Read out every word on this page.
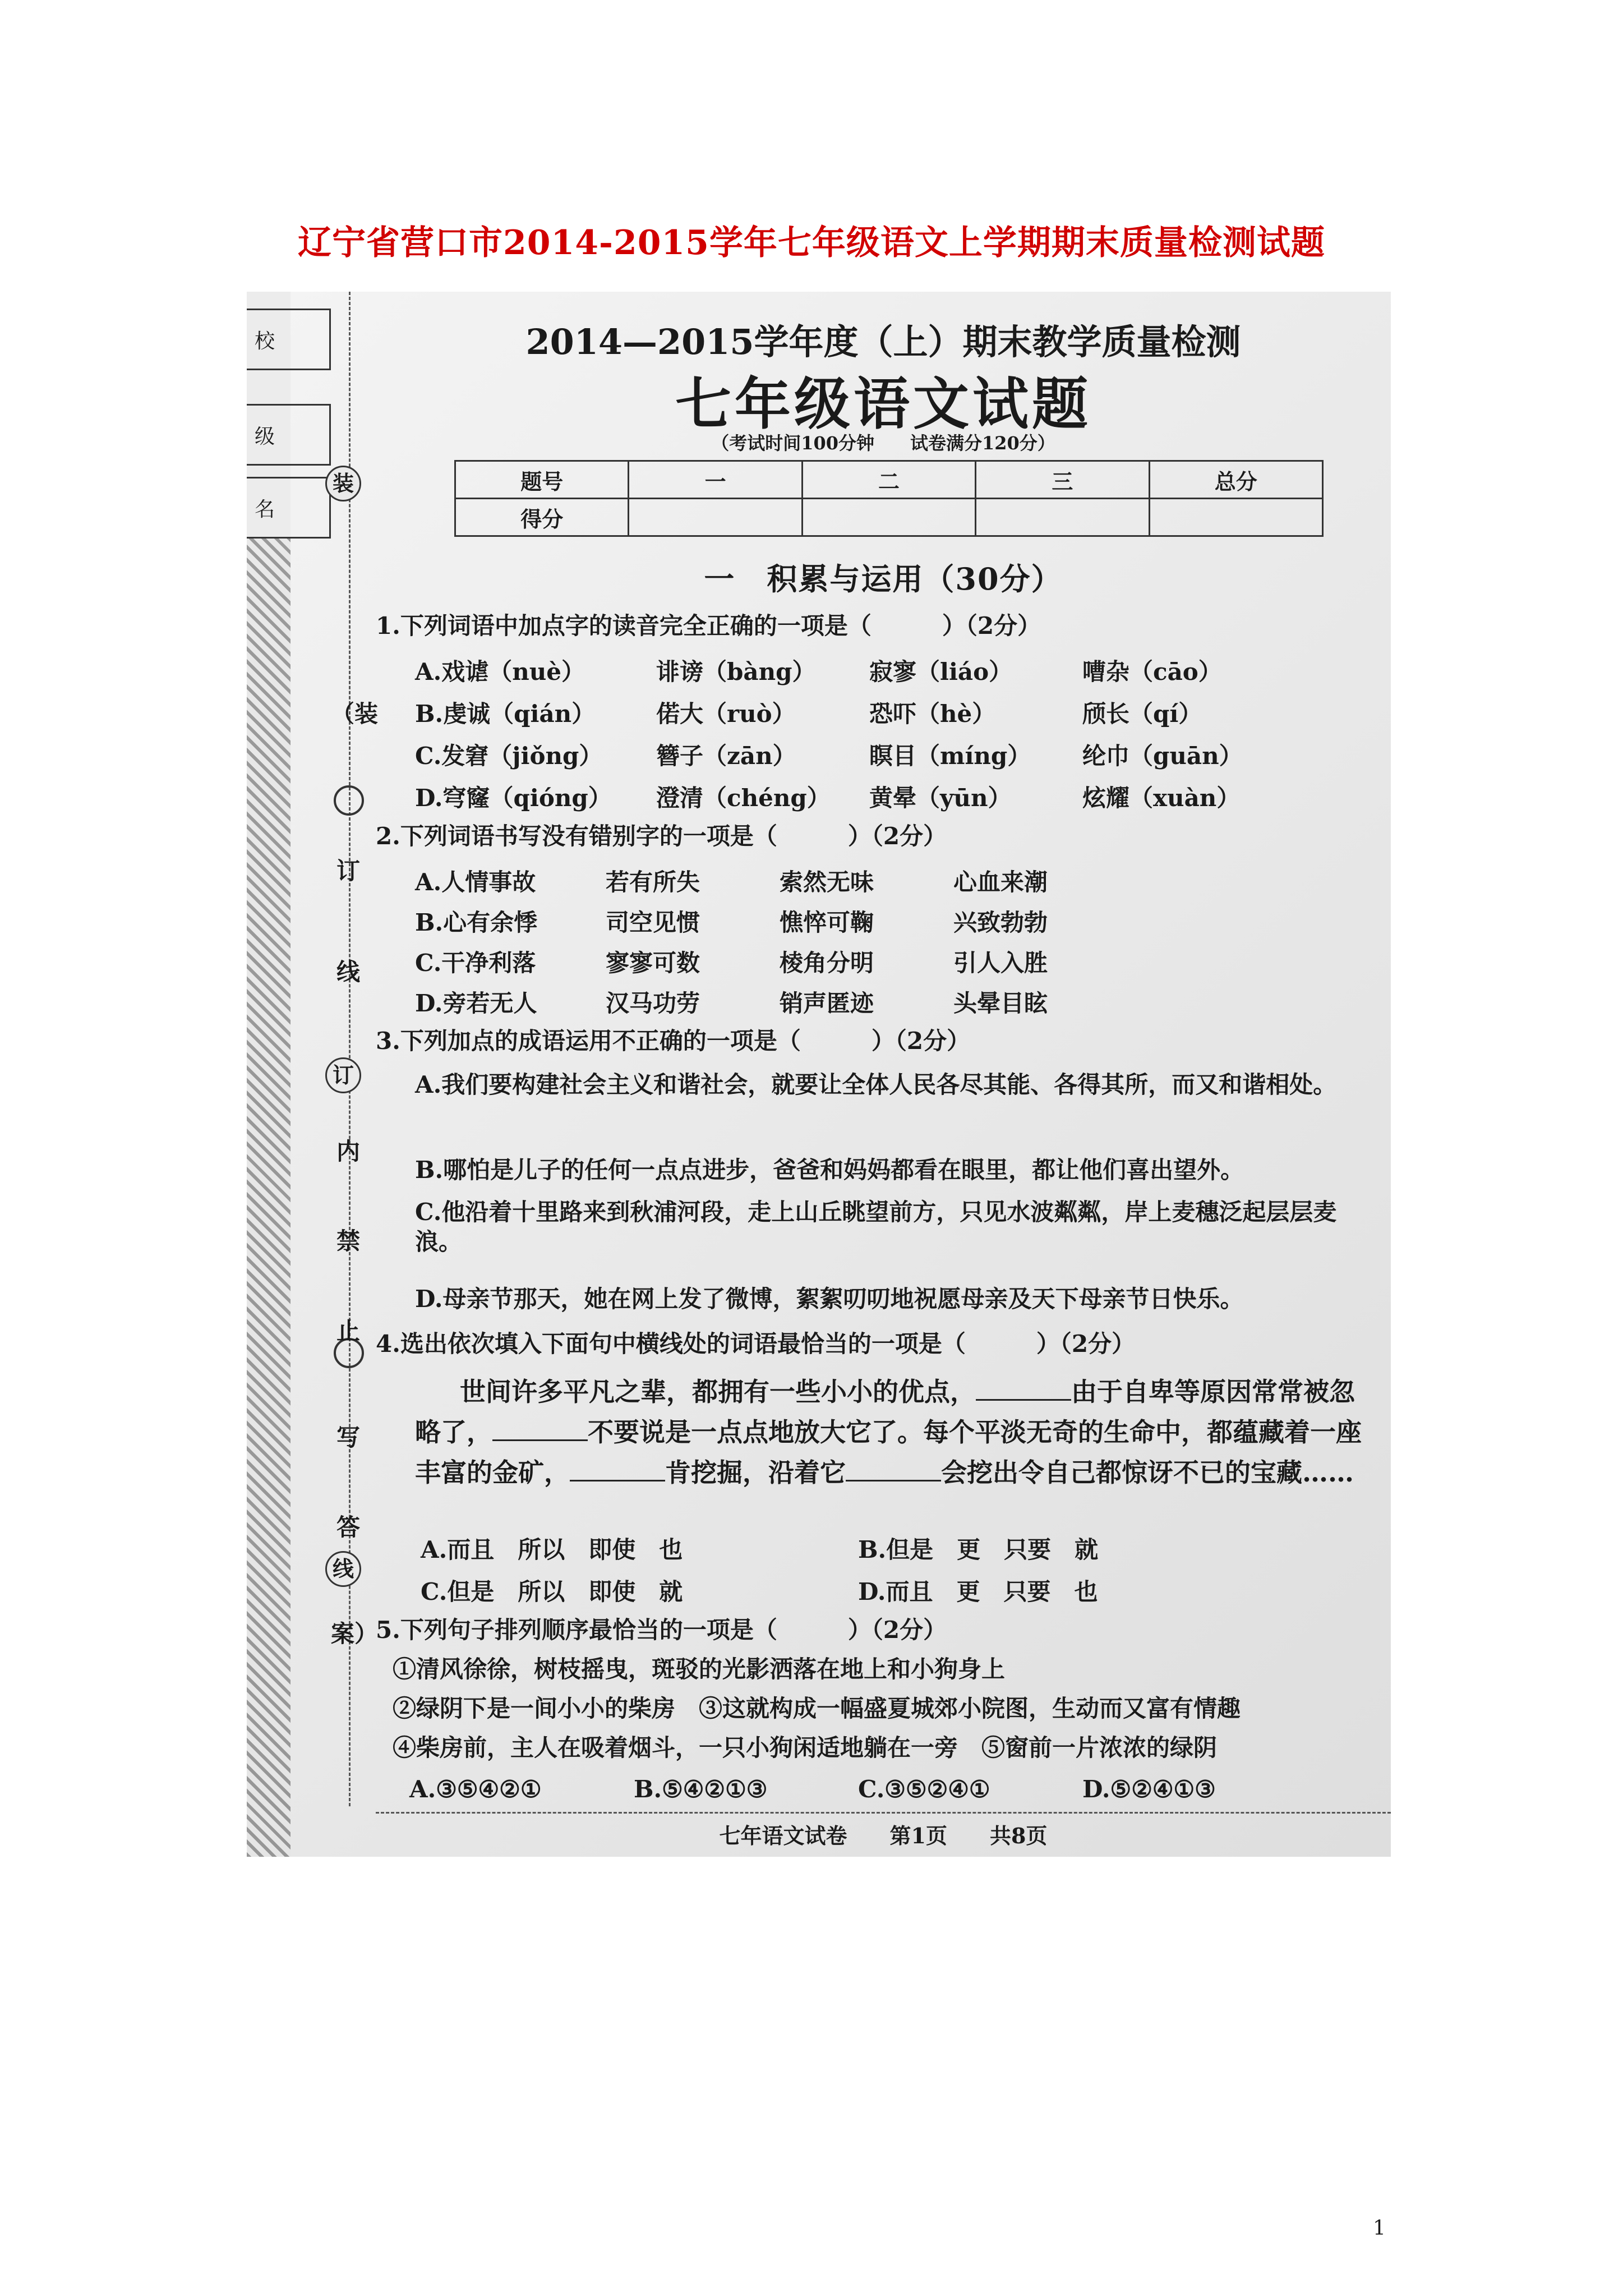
辽宁省营口市2014-2015学年七年级语文上学期期末质量检测试题
校
级
名
装
订
线
（装
订
线
内
禁
止
写
答
案）
2014—2015学年度（上）期末教学质量检测
七年级语文试题
（考试时间100分钟　　试卷满分120分）
题号	一	二	三	总分
得分				
一　积累与运用（30分）
1.下列词语中加点字的读音完全正确的一项是（　　　）（2分）
A.戏谑（nuè）	诽谤（bàng）	寂寥（liáo）	嘈杂（cāo）
B.虔诚（qián）	偌大（ruò）	恐吓（hè）	颀长（qí）
C.发窘（jiǒng）	簪子（zān）	瞑目（míng）	纶巾（guān）
D.穹窿（qióng）	澄清（chéng）	黄晕（yūn）	炫耀（xuàn）
2.下列词语书写没有错别字的一项是（　　　）（2分）
A.人情事故	若有所失	索然无味	心血来潮
B.心有余悸	司空见惯	憔悴可鞠	兴致勃勃
C.干净利落	寥寥可数	棱角分明	引人入胜
D.旁若无人	汉马功劳	销声匿迹	头晕目眩
3.下列加点的成语运用不正确的一项是（　　　）（2分）
A.我们要构建社会主义和谐社会，就要让全体人民各尽其能、各得其所，而又和谐相处。
B.哪怕是儿子的任何一点点进步，爸爸和妈妈都看在眼里，都让他们喜出望外。
C.他沿着十里路来到秋浦河段，走上山丘眺望前方，只见水波粼粼，岸上麦穗泛起层层麦浪。
D.母亲节那天，她在网上发了微博，絮絮叨叨地祝愿母亲及天下母亲节日快乐。
4.选出依次填入下面句中横线处的词语最恰当的一项是（　　　）（2分）
世间许多平凡之辈，都拥有一些小小的优点，	由于自卑等原因常常被忽略了，	不要说是一点点地放大它了。每个平淡无奇的生命中，都蕴藏着一座丰富的金矿，	肯挖掘，沿着它	会挖出令自己都惊讶不已的宝藏……
A.而且　所以　即使　也	B.但是　更　只要　就
C.但是　所以　即使　就	D.而且　更　只要　也
5.下列句子排列顺序最恰当的一项是（　　　）（2分）
①清风徐徐，树枝摇曳，斑驳的光影洒落在地上和小狗身上
②绿阴下是一间小小的柴房　③这就构成一幅盛夏城郊小院图，生动而又富有情趣
④柴房前，主人在吸着烟斗，一只小狗闲适地躺在一旁　⑤窗前一片浓浓的绿阴
A.③⑤④②①	B.⑤④②①③	C.③⑤②④①	D.⑤②④①③
七年语文试卷　　第1页　　共8页
1
